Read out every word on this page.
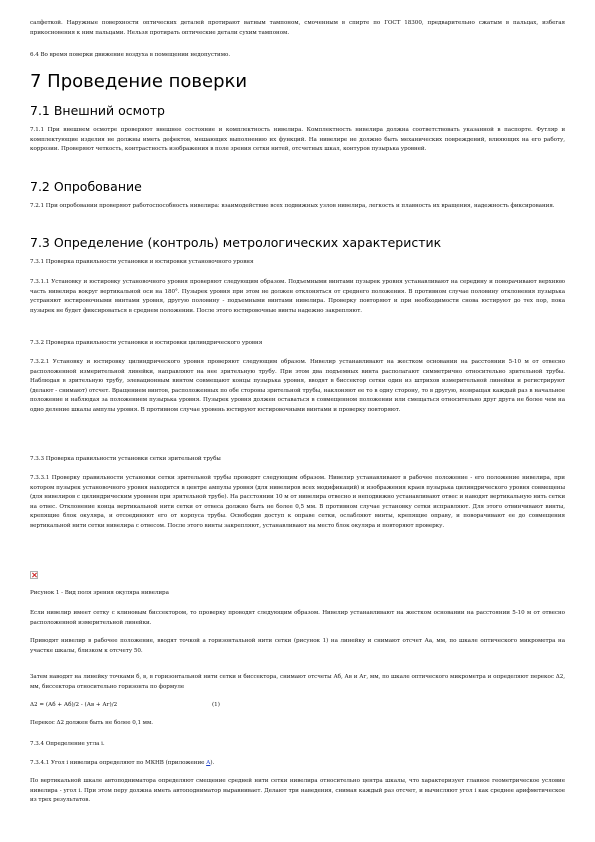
салфеткой. Наружные поверхности оптических деталей протирают ватным тампоном, смоченным в спирте по ГОСТ 18300, предварительно сжатым в пальцах, избегая прикосновения к ним пальцами. Нельзя протирать оптические детали сухим тампоном.

6.4 Во время поверки движение воздуха в помещении недопустимо.

7 Проведение поверки
7.1 Внешний осмотр

7.1.1 При внешнем осмотре проверяют внешнее состояние и комплектность нивелира. Комплектность нивелира должна соответствовать указанной в паспорте. Футляр и комплектующие изделия не должны иметь дефектов, мешающих выполнению их функций. На нивелире не должно быть механических повреждений, влияющих на его работу, коррозии. Проверяют четкость, контрастность изображения в поле зрения сетки нитей, отсчетных шкал, контуров пузырька уровней.

7.2 Опробование

7.2.1 При опробовании проверяют работоспособность нивелира: взаимодействие всех подвижных узлов нивелира, легкость и плавность их вращения, надежность фиксирования.

7.3 Определение (контроль) метрологических характеристик

7.3.1 Проверка правильности установки и юстировки установочного уровня

7.3.1.1 Установку и юстировку установочного уровня проверяют следующим образом. Подъемными винтами пузырек уровня устанавливают на середину и поворачивают верхнюю часть нивелира вокруг вертикальной оси на 180°. Пузырек уровня при этом не должен отклоняться от среднего положения. В противном случае половину отклонения пузырька устраняют юстировочными винтами уровня, другую половину - подъемными винтами нивелира. Проверку повторяют и при необходимости снова юстируют до тех пор, пока пузырек не будет фиксироваться в среднем положении. После этого юстировочные винты надежно закрепляют.

7.3.2 Проверка правильности установки и юстировки цилиндрического уровня

7.3.2.1 Установку и юстировку цилиндрического уровня проверяют следующим образом. Нивелир устанавливают на жестком основании на расстоянии 5-10 м от отвесно расположенной измерительной линейки, направляют на нее зрительную трубу. При этом два подъемных винта располагают симметрично относительно зрительной трубы. Наблюдая в зрительную трубу, элевационным винтом совмещают концы пузырька уровня, вводят в биссектор сетки один из штрихов измерительной линейки и регистрируют (делают - снимают) отсчет. Вращением винтов, расположенных по обе стороны зрительной трубы, наклоняют ее то в одну сторону, то в другую, возвращая каждый раз в начальное положение и наблюдая за положением пузырька уровня. Пузырек уровня должен оставаться в совмещенном положении или смещаться относительно друг друга не более чем на одно деление шкалы ампулы уровня. В противном случае уровень юстируют юстировочными винтами и проверку повторяют.

7.3.3 Проверка правильности установки сетки зрительной трубы

7.3.3.1 Проверку правильности установки сетки зрительной трубы проводят следующим образом. Нивелир устанавливают в рабочее положение - его положение нивелира, при котором пузырек установочного уровня находится в центре ампулы уровня (для нивелиров всех модификаций) и изображения краев пузырька цилиндрического уровня совмещены (для нивелиров с цилиндрическим уровнем при зрительной трубе). На расстоянии 10 м от нивелира отвесно и неподвижно устанавливают отвес и наводят вертикальную нить сетки на отвес. Отклонение конца вертикальной нити сетки от отвеса должно быть не более 0,5 мм. В противном случае установку сетки исправляют. Для этого отвинчивают винты, крепящие блок окуляра, и отсоединяют его от корпуса трубы. Освободив доступ к оправе сетки, ослабляют винты, крепящие оправу, и поворачивают ее до совмещения вертикальной нити сетки нивелира с отвесом. После этого винты закрепляют, устанавливают на место блок окуляра и повторяют проверку.

Рисунок 1 - Вид поля зрения окуляра нивелира

Если нивелир имеет сетку с клиновым биссектором, то проверку проводят следующим образом. Нивелир устанавливают на жестком основании на расстоянии 5-10 м от отвесно расположенной измерительной линейки.

Приводят нивелир в рабочее положение, вводят точкой а горизонтальной нити сетки (рисунок 1) на линейку и снимают отсчет Аа, мм, по шкале оптического микрометра на участке шкалы, близком к отсчету 50.

Затем наводят на линейку точками б, в, в горизонтальной нити сетки и биссектора, снимают отсчеты Аб, Ав и Аг, мм, по шкале оптического микрометра и определяют перекос Δ2, мм, биссектора относительно горизонта по формуле

Δ2 = (Аб + Аб)/2 - (Ав + Аг)/2	(1)

Перекос Δ2 должен быть не более 0,1 мм.

7.3.4 Определение угла i.

7.3.4.1 Угол i нивелира определяют по МКНВ (приложение А).

По вертикальной шкале автоподниматора определяют смещение средней нити сетки нивелира относительно центра шкалы, что характеризует главное геометрическое условие нивелира - угол i. При этом перу должна иметь автоподниматор выравнивает. Делают три наведения, снимая каждый раз отсчет, и вычисляют угол i как среднее арифметическое из трех результатов.
